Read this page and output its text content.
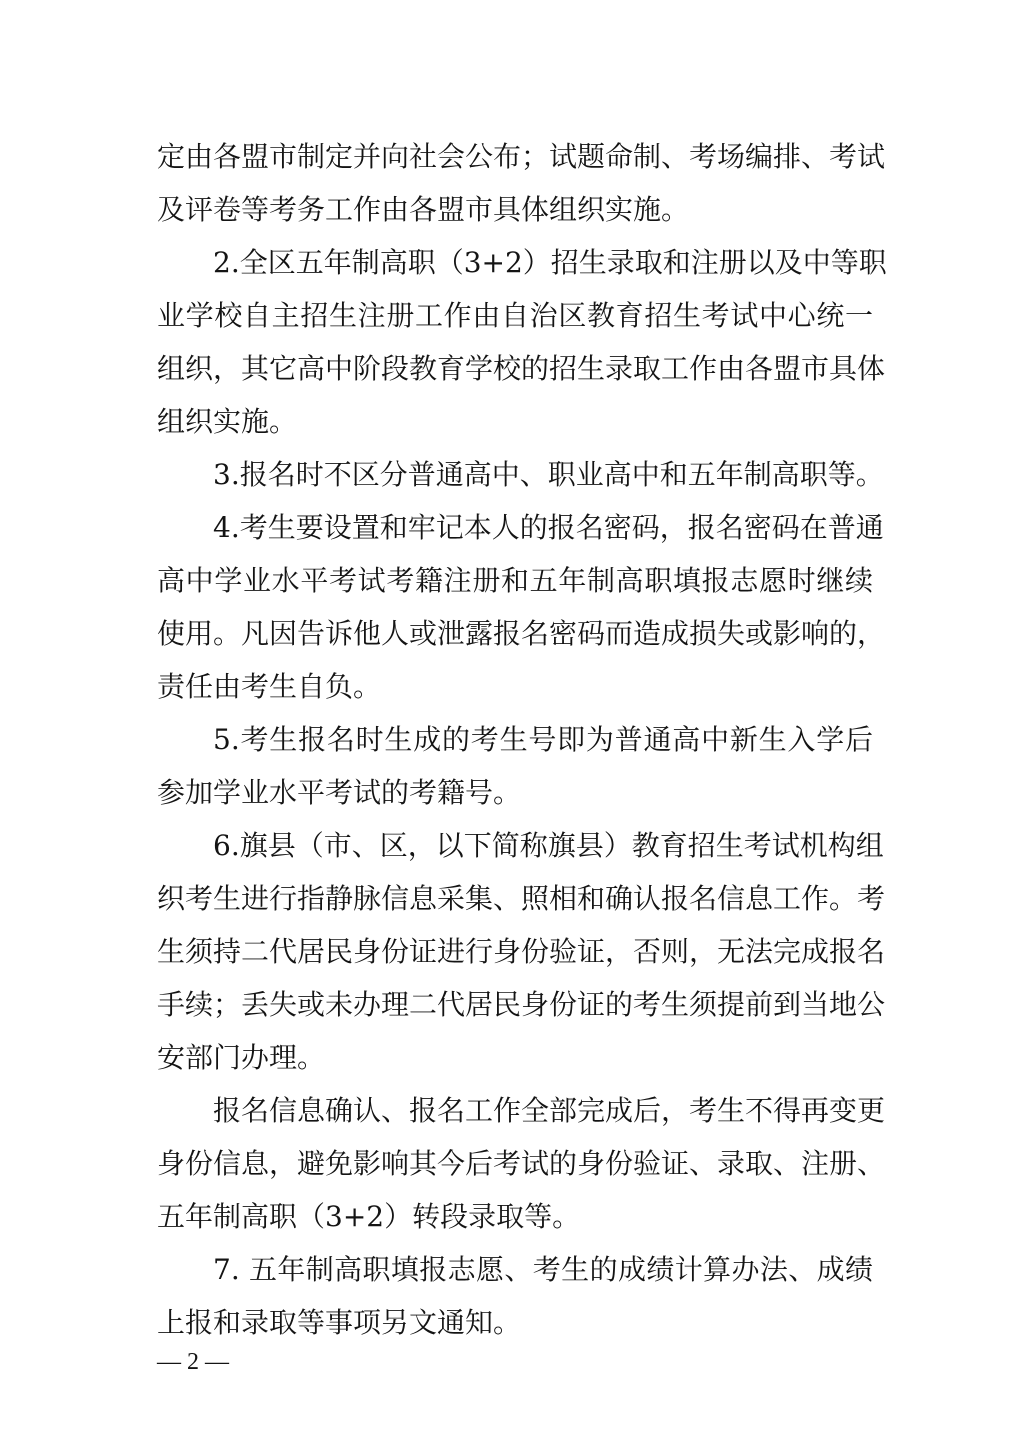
定由各盟市制定并向社会公布；试题命制、考场编排、考试
及评卷等考务工作由各盟市具体组织实施。
2.全区五年制高职（3+2）招生录取和注册以及中等职
业学校自主招生注册工作由自治区教育招生考试中心统一
组织，其它高中阶段教育学校的招生录取工作由各盟市具体
组织实施。
3.报名时不区分普通高中、职业高中和五年制高职等。
4.考生要设置和牢记本人的报名密码，报名密码在普通
高中学业水平考试考籍注册和五年制高职填报志愿时继续
使用。凡因告诉他人或泄露报名密码而造成损失或影响的，
责任由考生自负。
5.考生报名时生成的考生号即为普通高中新生入学后
参加学业水平考试的考籍号。
6.旗县（市、区，以下简称旗县）教育招生考试机构组
织考生进行指静脉信息采集、照相和确认报名信息工作。考
生须持二代居民身份证进行身份验证，否则，无法完成报名
手续；丢失或未办理二代居民身份证的考生须提前到当地公
安部门办理。
报名信息确认、报名工作全部完成后，考生不得再变更
身份信息，避免影响其今后考试的身份验证、录取、注册、
五年制高职（3+2）转段录取等。
7. 五年制高职填报志愿、考生的成绩计算办法、成绩
上报和录取等事项另文通知。
— 2 —
